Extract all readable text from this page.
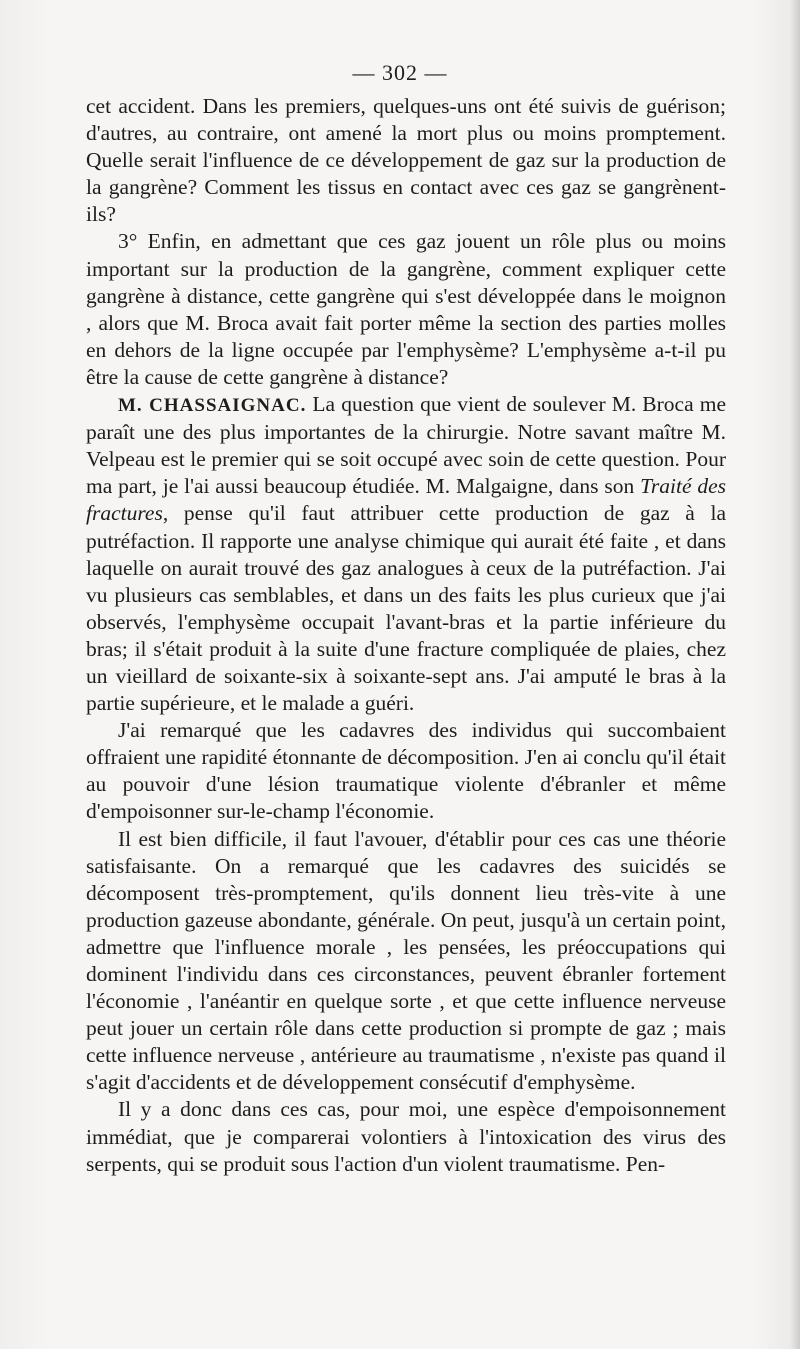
— 302 —

cet accident. Dans les premiers, quelques-uns ont été suivis de guérison; d'autres, au contraire, ont amené la mort plus ou moins promptement. Quelle serait l'influence de ce développement de gaz sur la production de la gangrène? Comment les tissus en contact avec ces gaz se gangrènent-ils?

3° Enfin, en admettant que ces gaz jouent un rôle plus ou moins important sur la production de la gangrène, comment expliquer cette gangrène à distance, cette gangrène qui s'est développée dans le moignon , alors que M. Broca avait fait porter même la section des parties molles en dehors de la ligne occupée par l'emphysème? L'emphysème a-t-il pu être la cause de cette gangrène à distance?

M. CHASSAIGNAC. La question que vient de soulever M. Broca me paraît une des plus importantes de la chirurgie. Notre savant maître M. Velpeau est le premier qui se soit occupé avec soin de cette question. Pour ma part, je l'ai aussi beaucoup étudiée. M. Malgaigne, dans son Traité des fractures, pense qu'il faut attribuer cette production de gaz à la putréfaction. Il rapporte une analyse chimique qui aurait été faite , et dans laquelle on aurait trouvé des gaz analogues à ceux de la putréfaction. J'ai vu plusieurs cas semblables, et dans un des faits les plus curieux que j'ai observés, l'emphysème occupait l'avant-bras et la partie inférieure du bras; il s'était produit à la suite d'une fracture compliquée de plaies, chez un vieillard de soixante-six à soixante-sept ans. J'ai amputé le bras à la partie supérieure, et le malade a guéri.

J'ai remarqué que les cadavres des individus qui succombaient offraient une rapidité étonnante de décomposition. J'en ai conclu qu'il était au pouvoir d'une lésion traumatique violente d'ébranler et même d'empoisonner sur-le-champ l'économie.

Il est bien difficile, il faut l'avouer, d'établir pour ces cas une théorie satisfaisante. On a remarqué que les cadavres des suicidés se décomposent très-promptement, qu'ils donnent lieu très-vite à une production gazeuse abondante, générale. On peut, jusqu'à un certain point, admettre que l'influence morale , les pensées, les préoccupations qui dominent l'individu dans ces circonstances, peuvent ébranler fortement l'économie , l'anéantir en quelque sorte , et que cette influence nerveuse peut jouer un certain rôle dans cette production si prompte de gaz ; mais cette influence nerveuse , antérieure au traumatisme , n'existe pas quand il s'agit d'accidents et de développement consécutif d'emphysème.

Il y a donc dans ces cas, pour moi, une espèce d'empoisonnement immédiat, que je comparerai volontiers à l'intoxication des virus des serpents, qui se produit sous l'action d'un violent traumatisme. Pen-
